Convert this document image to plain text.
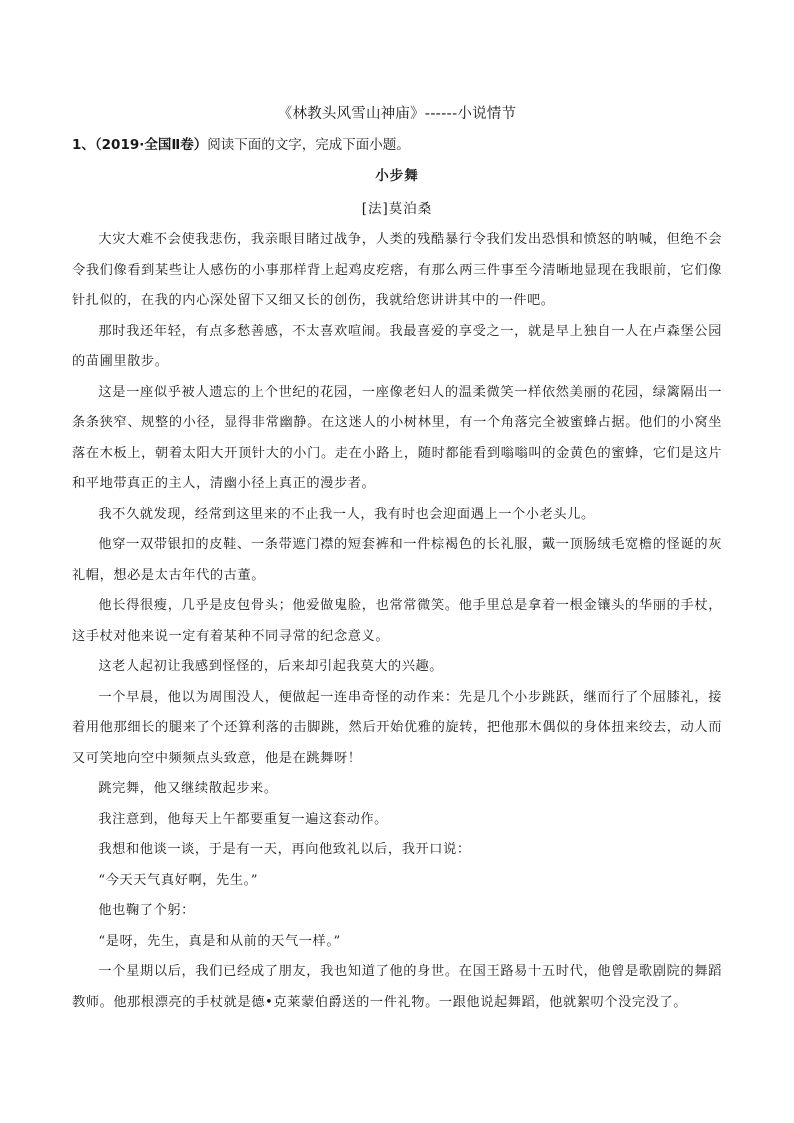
《林教头风雪山神庙》------小说情节
1、（2019·全国Ⅱ卷）阅读下面的文字，完成下面小题。
小步舞
[法]莫泊桑

大灾大难不会使我悲伤，我亲眼目睹过战争，人类的残酷暴行令我们发出恐惧和愤怒的呐喊，但绝不会令我们像看到某些让人感伤的小事那样背上起鸡皮疙瘩，有那么两三件事至今清晰地显现在我眼前，它们像针扎似的，在我的内心深处留下又细又长的创伤，我就给您讲讲其中的一件吧。

那时我还年轻，有点多愁善感，不太喜欢喧闹。我最喜爱的享受之一，就是早上独自一人在卢森堡公园的苗圃里散步。

这是一座似乎被人遗忘的上个世纪的花园，一座像老妇人的温柔微笑一样依然美丽的花园，绿篱隔出一条条狭窄、规整的小径，显得非常幽静。在这迷人的小树林里，有一个角落完全被蜜蜂占据。他们的小窝坐落在木板上，朝着太阳大开顶针大的小门。走在小路上，随时都能看到嗡嗡叫的金黄色的蜜蜂，它们是这片和平地带真正的主人，清幽小径上真正的漫步者。

我不久就发现，经常到这里来的不止我一人，我有时也会迎面遇上一个小老头儿。

他穿一双带银扣的皮鞋、一条带遮门襟的短套裤和一件棕褐色的长礼服，戴一顶肠绒毛宽檐的怪诞的灰礼帽，想必是太古年代的古董。

他长得很瘦，几乎是皮包骨头；他爱做鬼脸，也常常微笑。他手里总是拿着一根金镶头的华丽的手杖，这手杖对他来说一定有着某种不同寻常的纪念意义。

这老人起初让我感到怪怪的，后来却引起我莫大的兴趣。

一个早晨，他以为周围没人，便做起一连串奇怪的动作来：先是几个小步跳跃，继而行了个屈膝礼，接着用他那细长的腿来了个还算利落的击脚跳，然后开始优雅的旋转，把他那木偶似的身体扭来绞去，动人而又可笑地向空中频频点头致意，他是在跳舞呀！

跳完舞，他又继续散起步来。

我注意到，他每天上午都要重复一遍这套动作。

我想和他谈一谈，于是有一天，再向他致礼以后，我开口说：

“今天天气真好啊，先生。”

他也鞠了个躬：

“是呀，先生，真是和从前的天气一样。”

一个星期以后，我们已经成了朋友，我也知道了他的身世。在国王路易十五时代，他曾是歌剧院的舞蹈教师。他那根漂亮的手杖就是德•克莱蒙伯爵送的一件礼物。一跟他说起舞蹈，他就絮叨个没完没了。
